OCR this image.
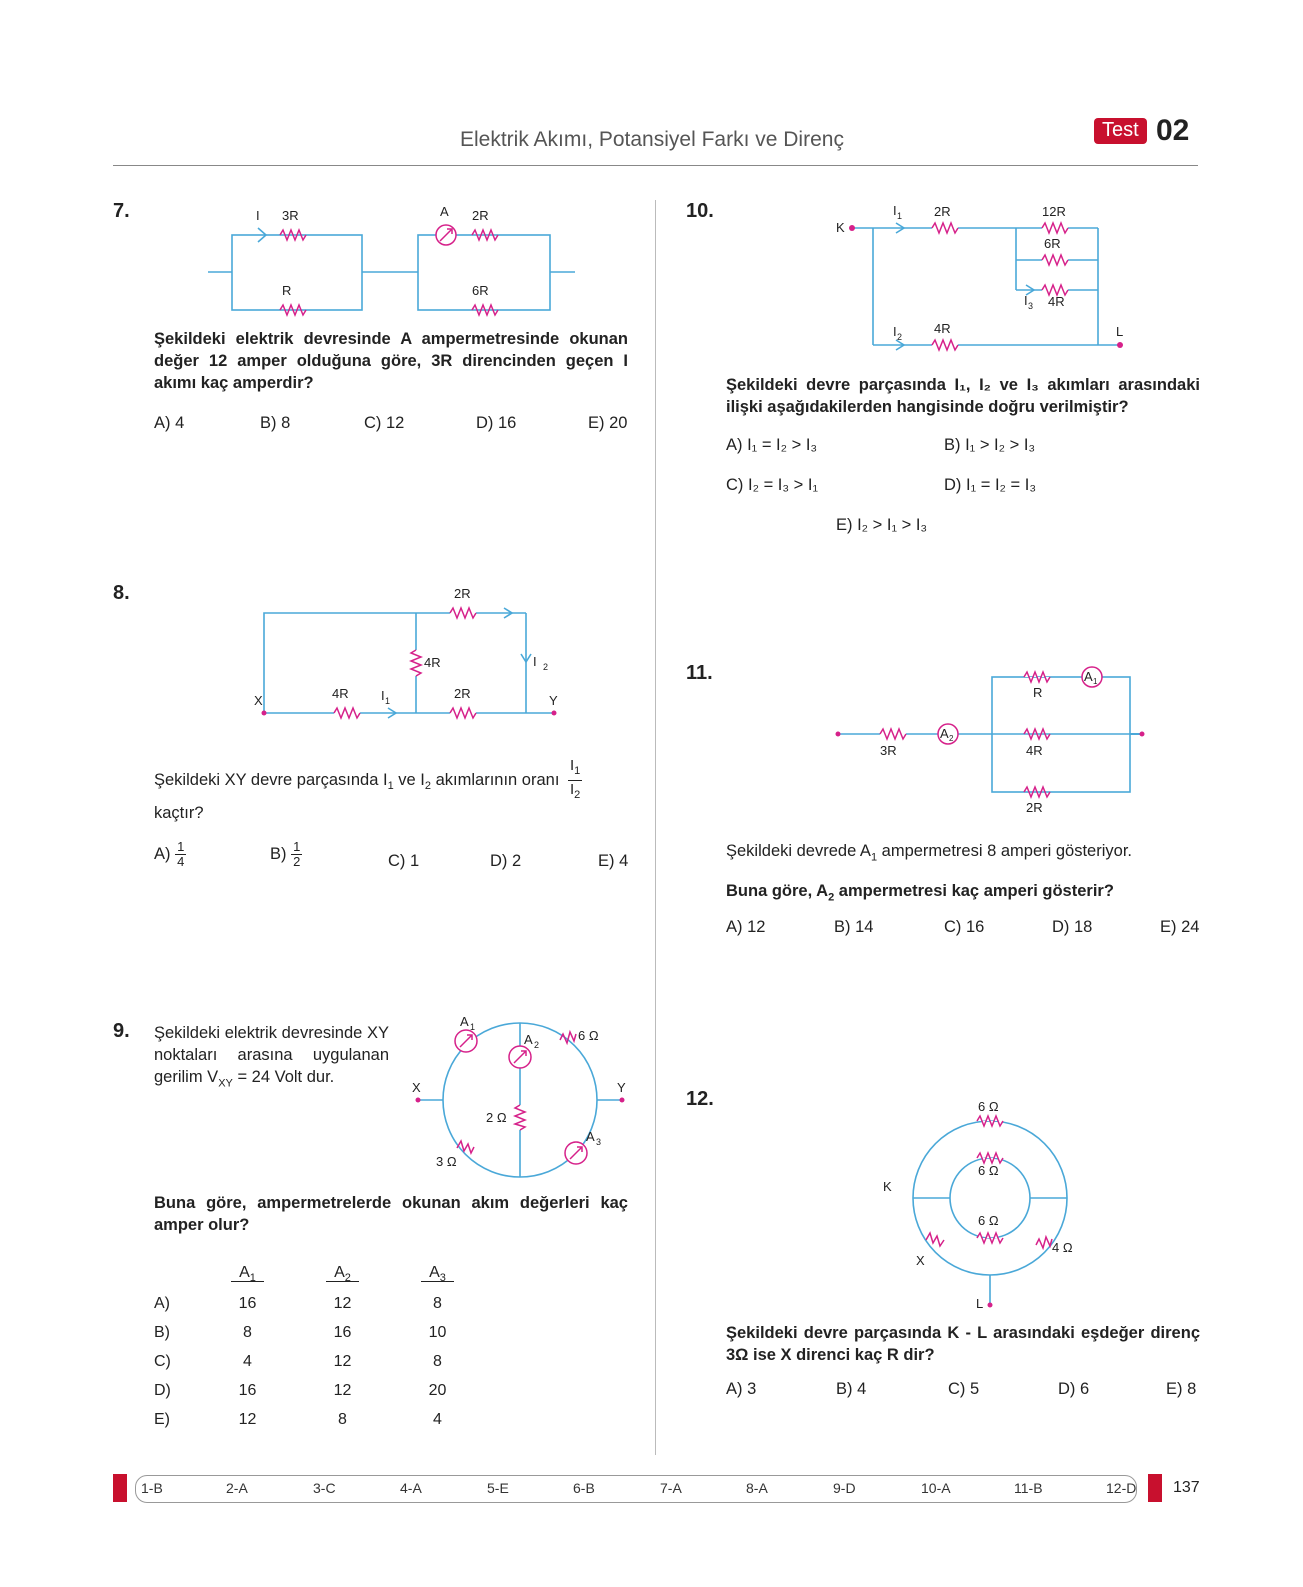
Elektrik Akımı, Potansiyel Farkı ve Direnç	Test 02
7.	I 3R
R
A 2R
6R
Şekildeki elektrik devresinde A ampermetresinde okunan değer 12 amper olduğuna göre, 3R direncinden geçen I akımı kaç amperdir?
A) 4	B) 8	C) 12	D) 16	E) 20
8.	2R
4R	I 2
X	4R I 1	2R	Y
Şekildeki XY devre parçasında $I_1$ ve $I_2$ akımlarının oranı $\frac{I_1}{I_2}$
kaçtır?
$A) \frac{1}{4}$	$B) \frac{1}{2}$	C) 1	D) 2	E) 4
9. Şekildeki elektrik devresinde XY noktaları arasına uygulanan gerilim $V_{XY} = 24$ Volt dur.
A 1
A 2
A 3
6 Ω
2 Ω
3 Ω
X	Y
Buna göre, ampermetrelerde okunan akım değerleri kaç amper olur?
	$A_1$	$A_2$	$A_3$
A)	16	12	8
B)	8	16	10
C)	4	12	8
D)	16	12	20
E)	12	8	4
10.
K
I 1 2R	12R
6R
I 3 4R
I 2
4R	L
Şekildeki devre parçasında I₁, I₂ ve I₃ akımları arasındaki ilişki aşağıdakilerden hangisinde doğru verilmiştir?
A) I₁ = I₂ > I₃	B) I₁ > I₂ > I₃
C) I₂ = I₃ > I₁	D) I₁ = I₂ = I₃
E) I₂ > I₁ > I₃
11.
R
A 1
A 2
3R	4R
2R
Şekildeki devrede $A_1$ ampermetresi 8 amperi gösteriyor.
Buna göre, $A_2$ ampermetresi kaç amperi gösterir?
A) 12	B) 14	C) 16	D) 18	E) 24
12.	6 Ω
6 Ω
6 Ω
K
X
4 Ω
L
Şekildeki devre parçasında K - L arasındaki eşdeğer direnç 3Ω ise X direnci kaç R dir?
A) 3	B) 4	C) 5	D) 6	E) 8
1-B	2-A	3-C	4-A	5-E	6-B	7-A	8-A	9-D	10-A	11-B	12-D 137
